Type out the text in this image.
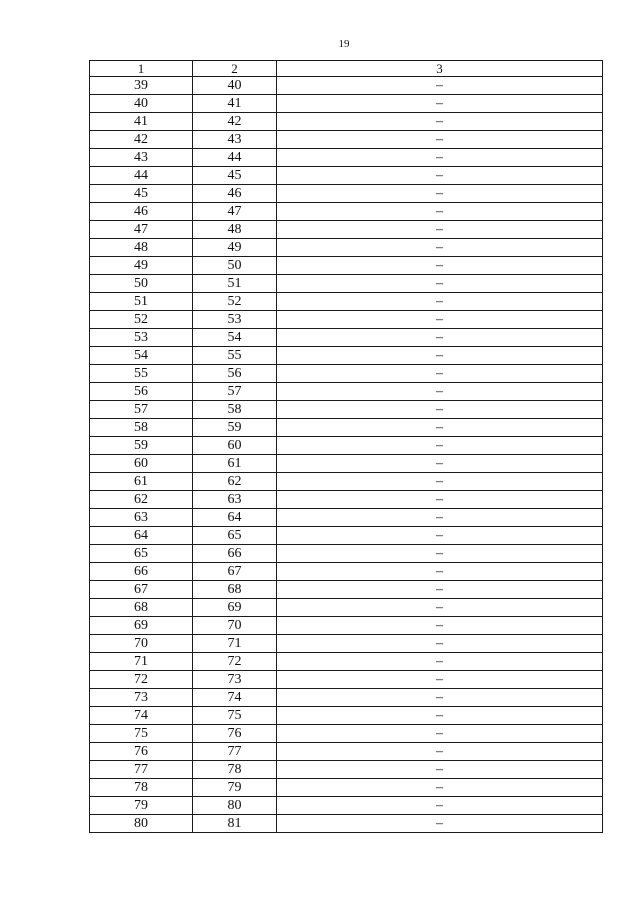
19
1	2	3
39	40	–
40	41	–
41	42	–
42	43	–
43	44	–
44	45	–
45	46	–
46	47	–
47	48	–
48	49	–
49	50	–
50	51	–
51	52	–
52	53	–
53	54	–
54	55	–
55	56	–
56	57	–
57	58	–
58	59	–
59	60	–
60	61	–
61	62	–
62	63	–
63	64	–
64	65	–
65	66	–
66	67	–
67	68	–
68	69	–
69	70	–
70	71	–
71	72	–
72	73	–
73	74	–
74	75	–
75	76	–
76	77	–
77	78	–
78	79	–
79	80	–
80	81	–
